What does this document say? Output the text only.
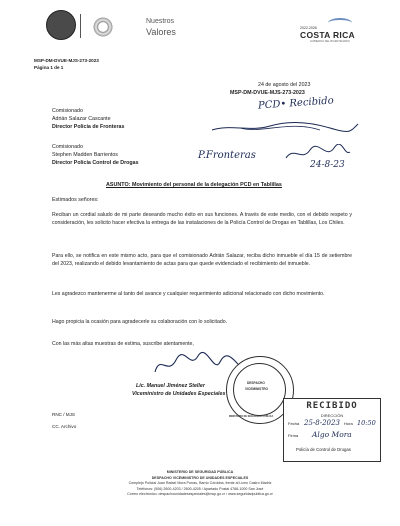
Nuestros
Valores	2022-2026
COSTA RICA
GOBIERNO DEL BICENTENARIO
MSP-DM-DVUE-MJS-273-2023
Página 1 de 1
24 de agosto del 2023
MSP-DM-DVUE-MJS-273-2023
Comisionado
Adrián Salazar Cascante
Director Policía de Fronteras
Comisionado
Stephen Madden Barrientos
Director Policía Control de Drogas
PCD• Recibido
P.Fronteras
24-8-23
ASUNTO: Movimiento del personal de la delegación PCD en Tablillas
Estimados señores:
Reciban un cordial saludo de mi parte deseando mucho éxito en sus funciones. A través de este medio, con el debido respeto y consideración, les solicito hacer efectiva la entrega de las instalaciones de la Policía Control de Drogas en Tablillas, Los Chiles.
Para ello, se notifica en este mismo acto, para que el comisionado Adrián Salazar, reciba dicho inmueble el día 15 de setiembre del 2023, realizando el debido levantamiento de actas para que quede evidenciado el recibimiento del inmueble.
Les agradezco mantenerme al tanto del avance y cualquier requerimiento adicional relacionado con dicho movimiento.
Hago propicia la ocasión para agradecerle su colaboración con lo solicitado.
Con las más altas muestras de estima, suscribe atentamente,
Lic. Manuel Jiménez Steller
Viceministro de Unidades Especiales
DESPACHO
VICEMINISTRO
MINISTERIO DE SEGURIDAD PÚBLICA
RNC / MJS
CC. Archivo
RECIBIDO
DIRECCIÓN
Fecha 25-8-2023 Hora 10:50
Firma Algo Mora
Policía de Control de Drogas
MINISTERIO DE SEGURIDAD PÚBLICA
DESPACHO VICEMINISTRO DE UNIDADES ESPECIALES
Complejo Policial Juan Rafael Mora Porras, Barrio Córdoba, frente al Liceo Castro Madriz
Teléfonos: (506) 2600-4203 / 2600-4205 / Apartado Postal 4768-1000 San José
Correo electrónico: despachounidadesespeciales@msp.go.cr / www.seguridadpublica.go.cr
